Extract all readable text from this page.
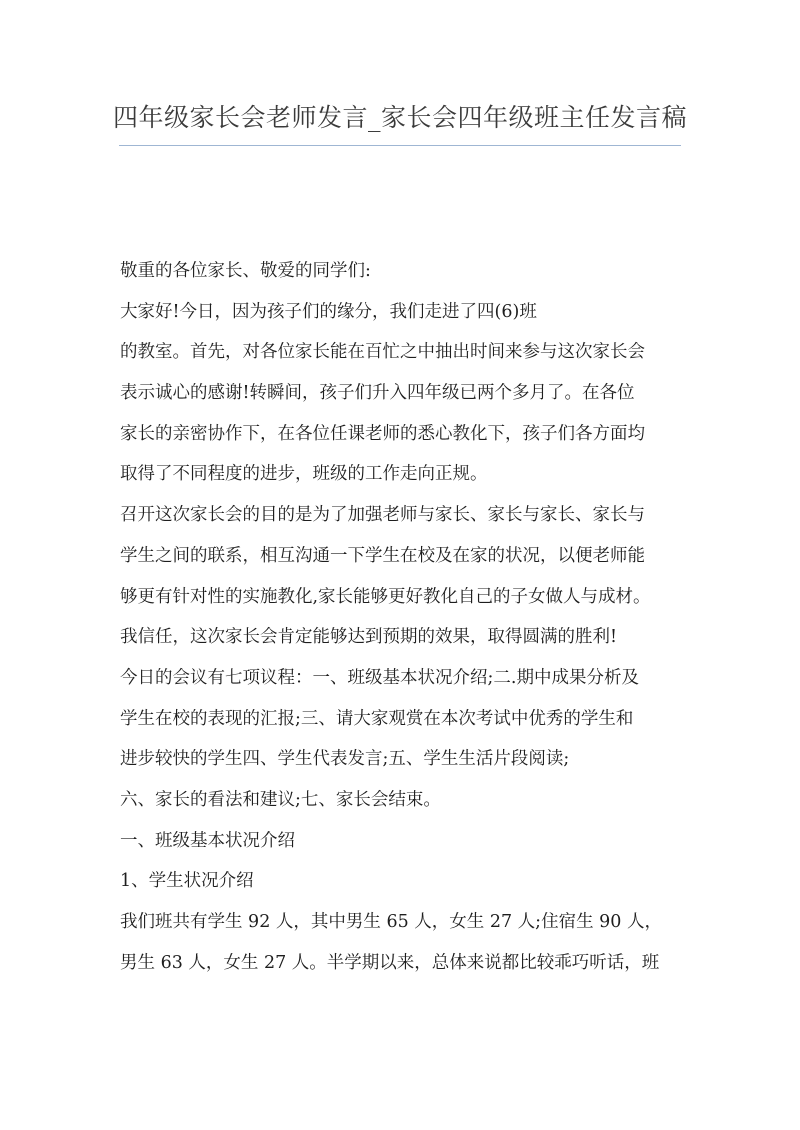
四年级家长会老师发言_家长会四年级班主任发言稿

敬重的各位家长、敬爱的同学们:

大家好!今日，因为孩子们的缘分，我们走进了四(6)班

的教室。首先，对各位家长能在百忙之中抽出时间来参与这次家长会

表示诚心的感谢!转瞬间，孩子们升入四年级已两个多月了。在各位

家长的亲密协作下，在各位任课老师的悉心教化下，孩子们各方面均

取得了不同程度的进步，班级的工作走向正规。

召开这次家长会的目的是为了加强老师与家长、家长与家长、家长与

学生之间的联系，相互沟通一下学生在校及在家的状况，以便老师能

够更有针对性的实施教化,家长能够更好教化自己的子女做人与成材。

我信任，这次家长会肯定能够达到预期的效果，取得圆满的胜利!

今日的会议有七项议程：一、班级基本状况介绍;二.期中成果分析及

学生在校的表现的汇报;三、请大家观赏在本次考试中优秀的学生和

进步较快的学生四、学生代表发言;五、学生生活片段阅读;

六、家长的看法和建议;七、家长会结束。

一、班级基本状况介绍

1、学生状况介绍

我们班共有学生 92 人，其中男生 65 人，女生 27 人;住宿生 90 人，

男生 63 人，女生 27 人。半学期以来，总体来说都比较乖巧听话，班
